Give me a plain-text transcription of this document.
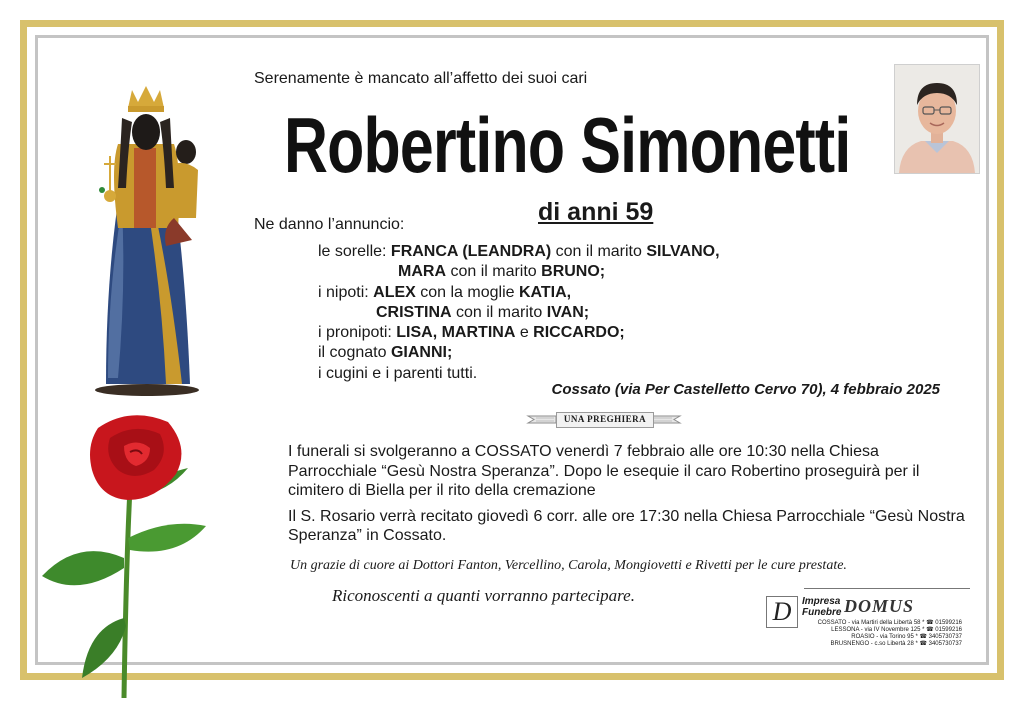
Serenamente è mancato all’affetto dei suoi cari
Robertino Simonetti
di anni 59
Ne danno l’annuncio:
le sorelle: FRANCA (LEANDRA) con il marito SILVANO,
MARA con il marito BRUNO;
i nipoti: ALEX con la moglie KATIA,
CRISTINA con il marito IVAN;
i pronipoti: LISA, MARTINA e RICCARDO;
il cognato GIANNI;
i cugini e i parenti tutti.
Cossato (via Per Castelletto Cervo 70), 4 febbraio 2025
UNA PREGHIERA

I funerali si svolgeranno a COSSATO venerdì 7 febbraio alle ore 10:30 nella Chiesa Parrocchiale “Gesù Nostra Speranza”. Dopo le esequie il caro Robertino proseguirà per il cimitero di Biella per il rito della cremazione

Il S. Rosario verrà recitato giovedì 6 corr. alle ore 17:30 nella Chiesa Parrocchiale “Gesù Nostra Speranza” in Cossato.

Un grazie di cuore ai Dottori Fanton, Vercellino, Carola, Mongiovetti e Rivetti per le cure prestate.
Riconoscenti a quanti vorranno partecipare.
D	Impresa
Funebre DOMUS
COSSATO - via Martiri della Libertà 58 * ☎ 01599216
LESSONA - via IV Novembre 125 * ☎ 01599216
ROASIO - via Torino 95 * ☎ 3405730737
BRUSNENGO - c.so Libertà 28 * ☎ 3405730737
